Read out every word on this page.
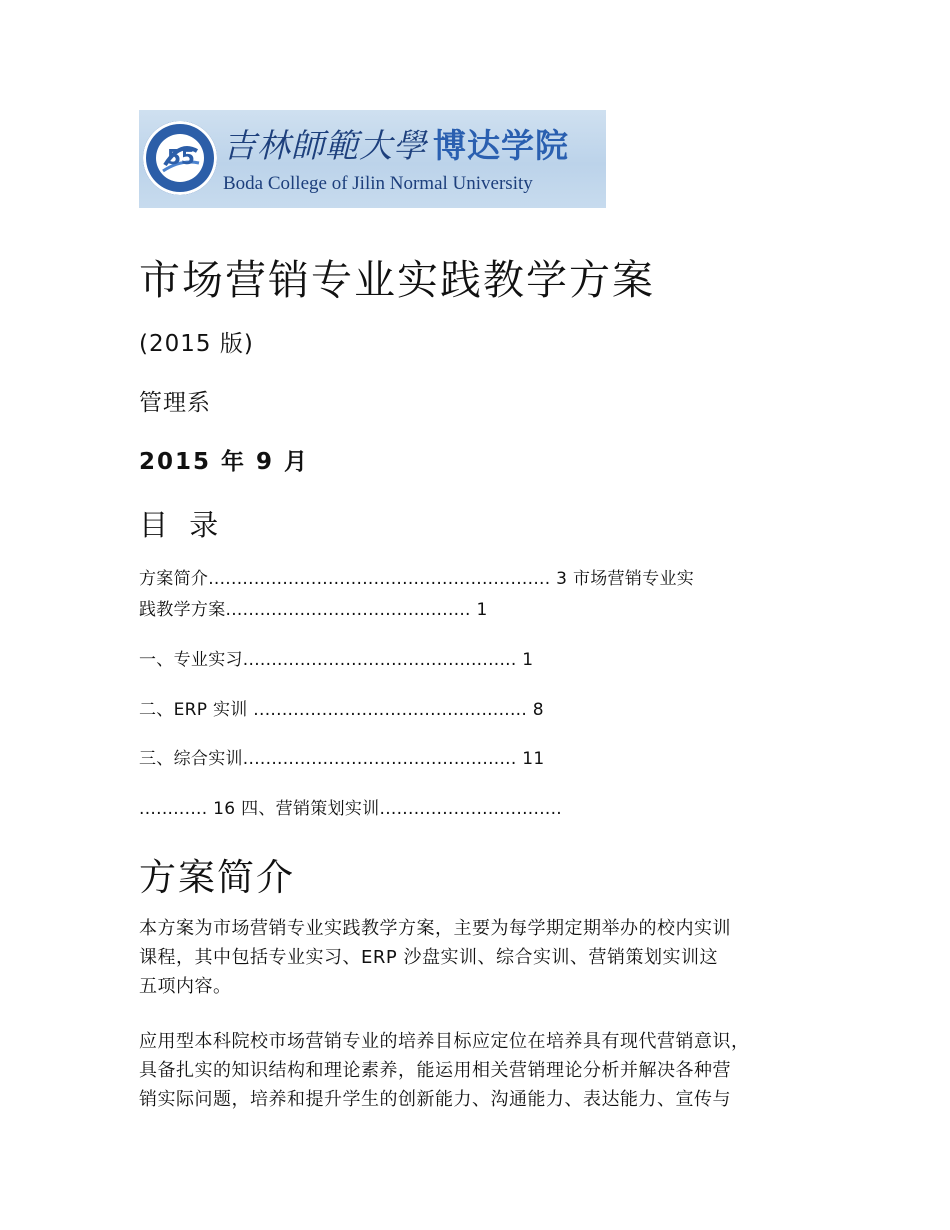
55 吉林師範大學 博达学院
Boda College of Jilin Normal University
市场营销专业实践教学方案

(2015 版)

管理系

2015 年 9 月

目 录

方案简介............................................................ 3 市场营销专业实
践教学方案........................................... 1
一、专业实习................................................ 1
二、ERP 实训 ................................................ 8
三、综合实训................................................ 11
............ 16 四、营销策划实训................................
方案简介
本方案为市场营销专业实践教学方案，主要为每学期定期举办的校内实训
课程，其中包括专业实习、ERP 沙盘实训、综合实训、营销策划实训这
五项内容。
应用型本科院校市场营销专业的培养目标应定位在培养具有现代营销意识，
具备扎实的知识结构和理论素养，能运用相关营销理论分析并解决各种营
销实际问题，培养和提升学生的创新能力、沟通能力、表达能力、宣传与
